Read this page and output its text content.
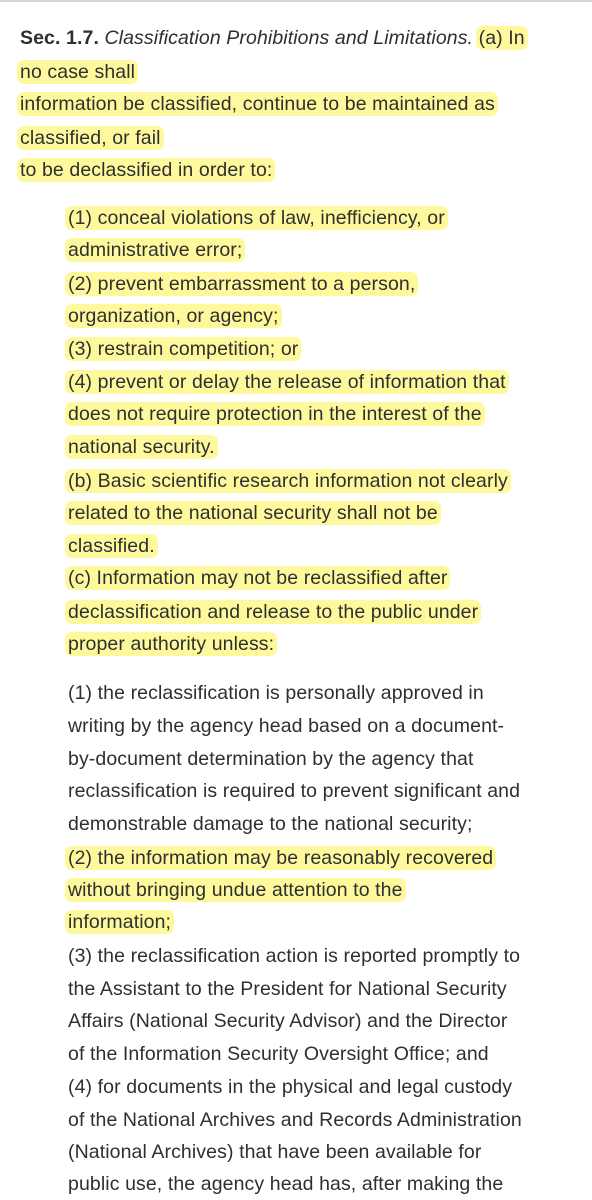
Sec. 1.7. Classification Prohibitions and Limitations. (a) In
no case shall
information be classified, continue to be maintained as
classified, or fail
to be declassified in order to:
(1) conceal violations of law, inefficiency, or
administrative error;
(2) prevent embarrassment to a person,
organization, or agency;
(3) restrain competition; or
(4) prevent or delay the release of information that
does not require protection in the interest of the
national security.
(b) Basic scientific research information not clearly
related to the national security shall not be
classified.
(c) Information may not be reclassified after
declassification and release to the public under
proper authority unless:
(1) the reclassification is personally approved in
writing by the agency head based on a document-
by-document determination by the agency that
reclassification is required to prevent significant and
demonstrable damage to the national security;
(2) the information may be reasonably recovered
without bringing undue attention to the
information;
(3) the reclassification action is reported promptly to
the Assistant to the President for National Security
Affairs (National Security Advisor) and the Director
of the Information Security Oversight Office; and
(4) for documents in the physical and legal custody
of the National Archives and Records Administration
(National Archives) that have been available for
public use, the agency head has, after making the
